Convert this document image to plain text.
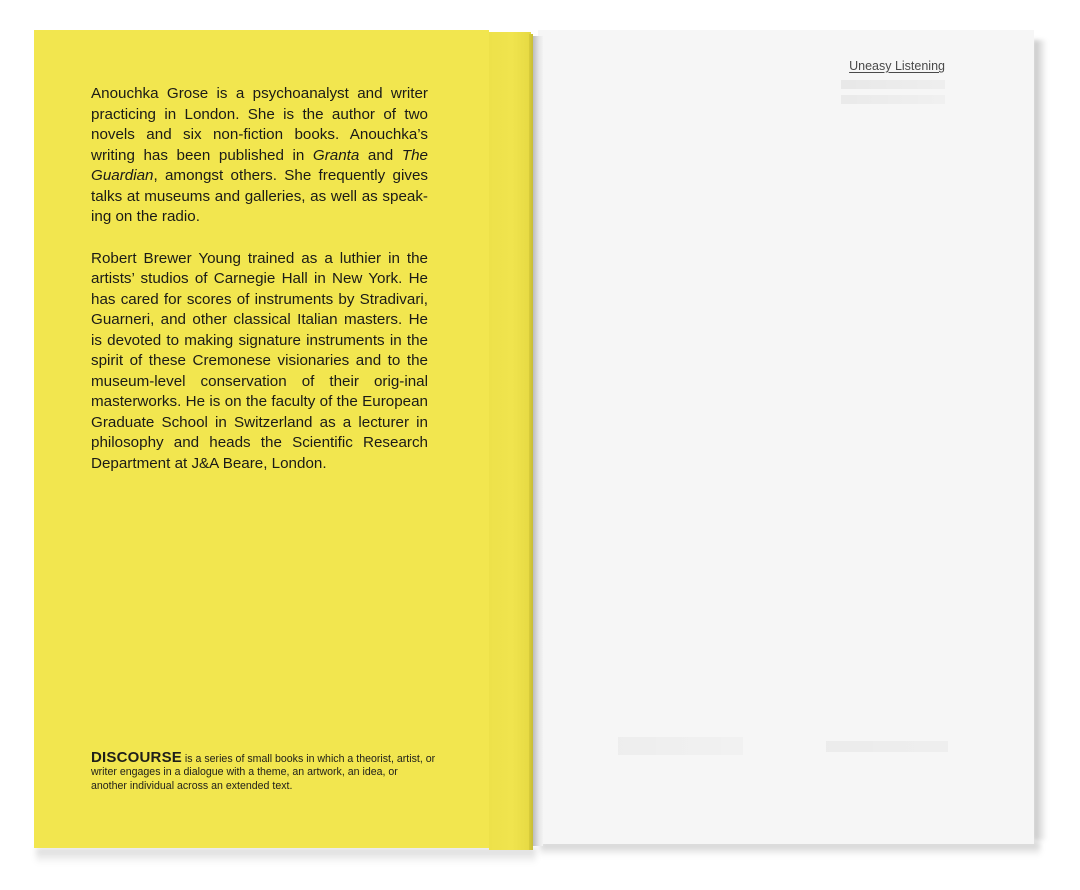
Anouchka Grose is a psychoanalyst and writer practicing in London. She is the author of two novels and six non-fiction books. Anouchka’s writing has been published in Granta and The Guardian, amongst others. She frequently gives talks at museums and galleries, as well as speak-ing on the radio.

Robert Brewer Young trained as a luthier in the artists’ studios of Carnegie Hall in New York. He has cared for scores of instruments by Stradivari, Guarneri, and other classical Italian masters. He is devoted to making signature instruments in the spirit of these Cremonese visionaries and to the museum-level conservation of their orig-inal masterworks. He is on the faculty of the European Graduate School in Switzerland as a lecturer in philosophy and heads the Scientific Research Department at J&A Beare, London.

DISCOURSE is a series of small books in which a theorist, artist, or writer engages in a dialogue with a theme, an artwork, an idea, or another individual across an extended text.
Uneasy Listening
